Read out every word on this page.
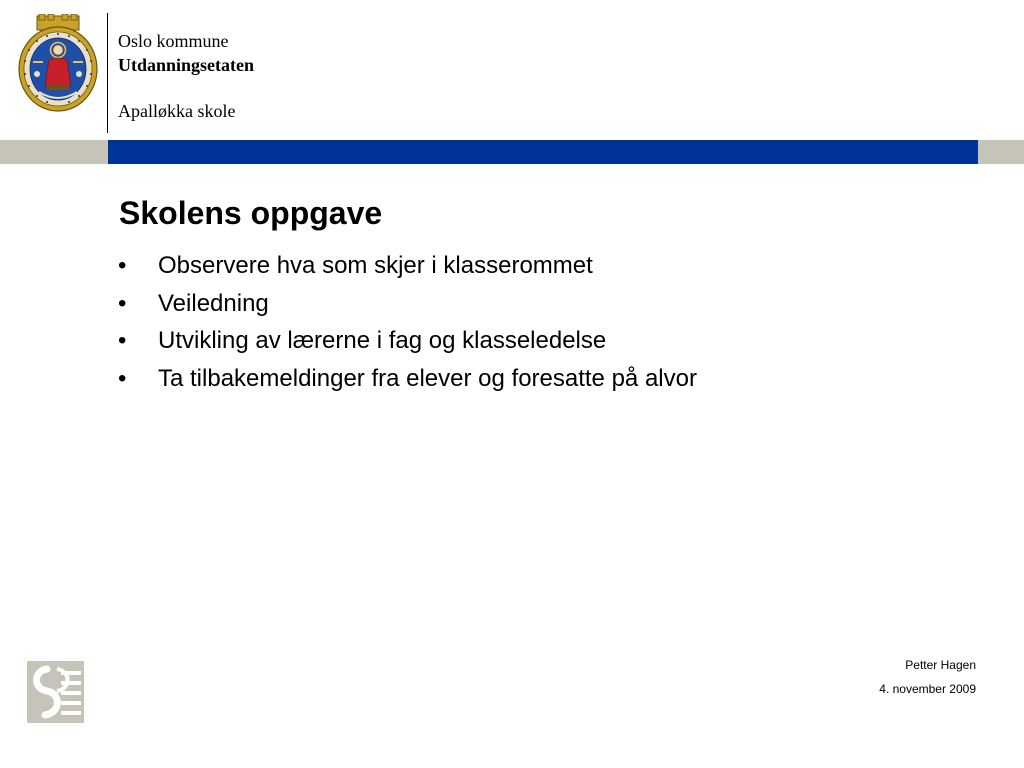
Oslo kommune
Utdanningsetaten
Apalløkka skole
Skolens oppgave
•	Observere hva som skjer i klasserommet
•	Veiledning
•	Utvikling av lærerne i fag og klasseledelse
•	Ta tilbakemeldinger fra elever og foresatte på alvor
Petter Hagen
4. november 2009
